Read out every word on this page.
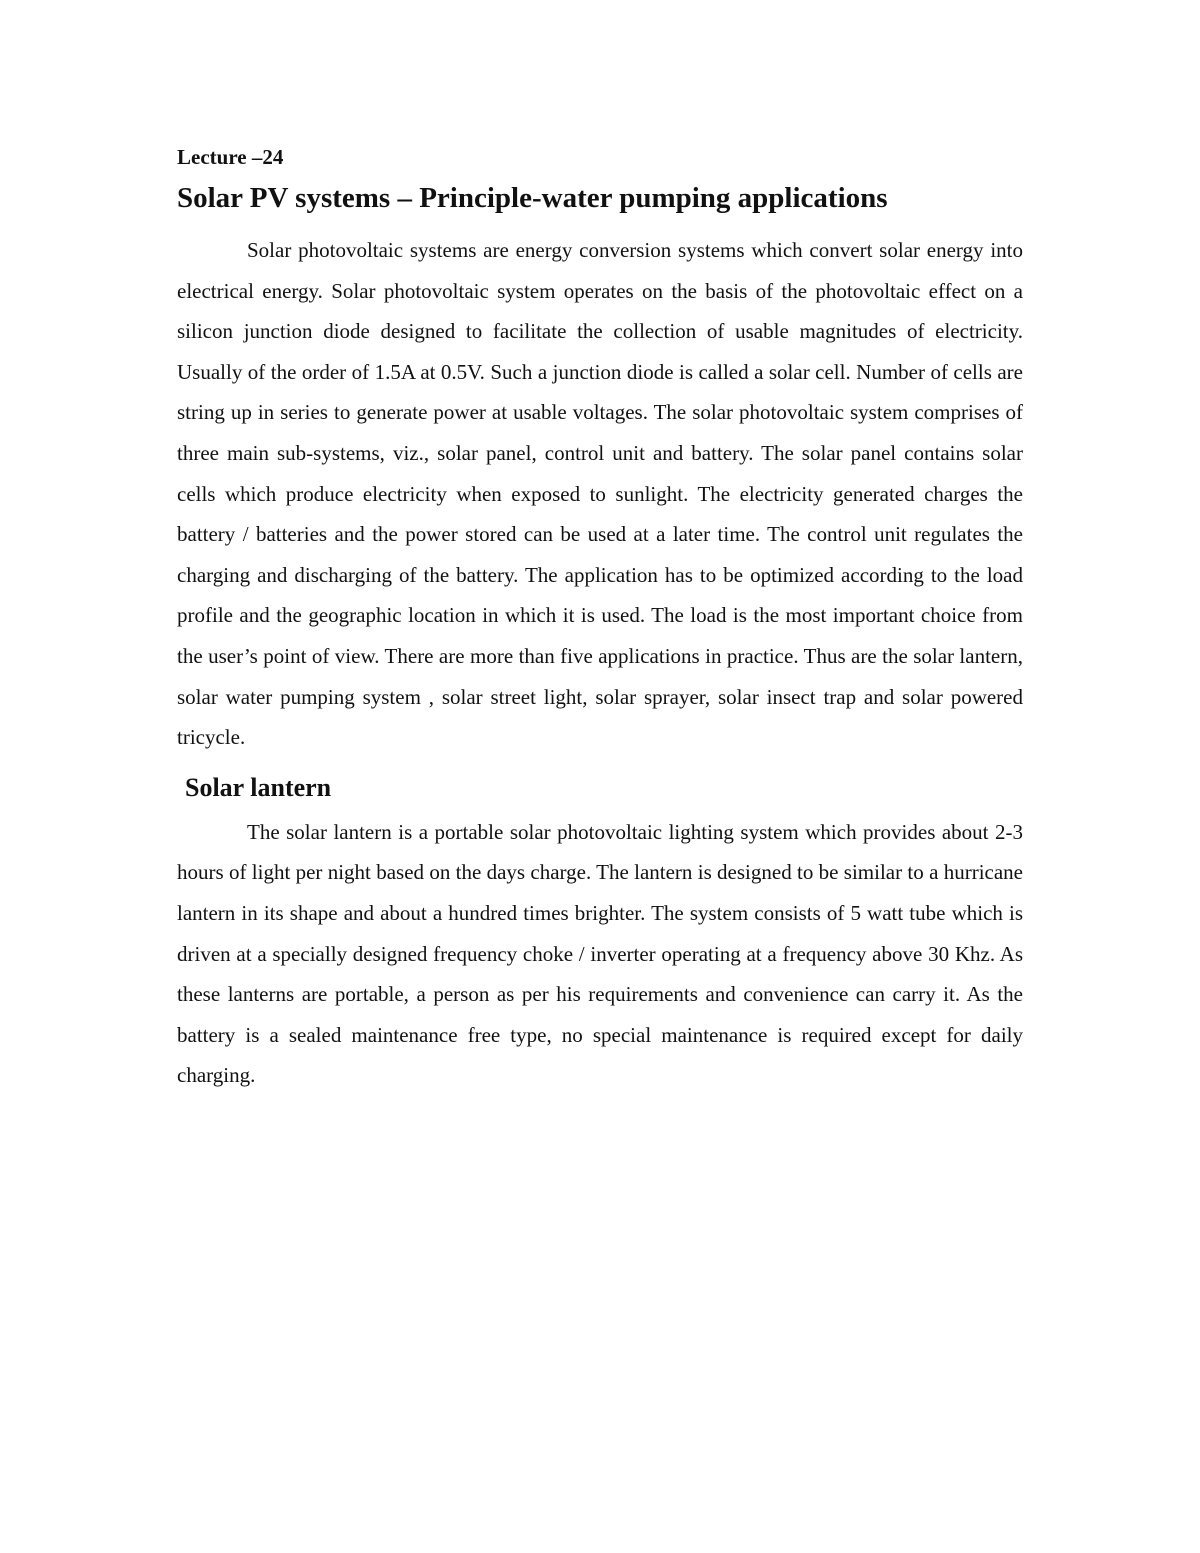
Lecture –24

Solar PV systems – Principle-water pumping applications

Solar photovoltaic systems are energy conversion systems which convert solar energy into electrical energy. Solar photovoltaic system operates on the basis of the photovoltaic effect on a silicon junction diode designed to facilitate the collection of usable magnitudes of electricity. Usually of the order of 1.5A at 0.5V. Such a junction diode is called a solar cell. Number of cells are string up in series to generate power at usable voltages. The solar photovoltaic system comprises of three main sub-systems, viz., solar panel, control unit and battery. The solar panel contains solar cells which produce electricity when exposed to sunlight. The electricity generated charges the battery / batteries and the power stored can be used at a later time. The control unit regulates the charging and discharging of the battery. The application has to be optimized according to the load profile and the geographic location in which it is used. The load is the most important choice from the user’s point of view. There are more than five applications in practice. Thus are the solar lantern, solar water pumping system , solar street light, solar sprayer, solar insect trap and solar powered tricycle.

Solar lantern

The solar lantern is a portable solar photovoltaic lighting system which provides about 2-3 hours of light per night based on the days charge. The lantern is designed to be similar to a hurricane lantern in its shape and about a hundred times brighter. The system consists of 5 watt tube which is driven at a specially designed frequency choke / inverter operating at a frequency above 30 Khz. As these lanterns are portable, a person as per his requirements and convenience can carry it. As the battery is a sealed maintenance free type, no special maintenance is required except for daily charging.
